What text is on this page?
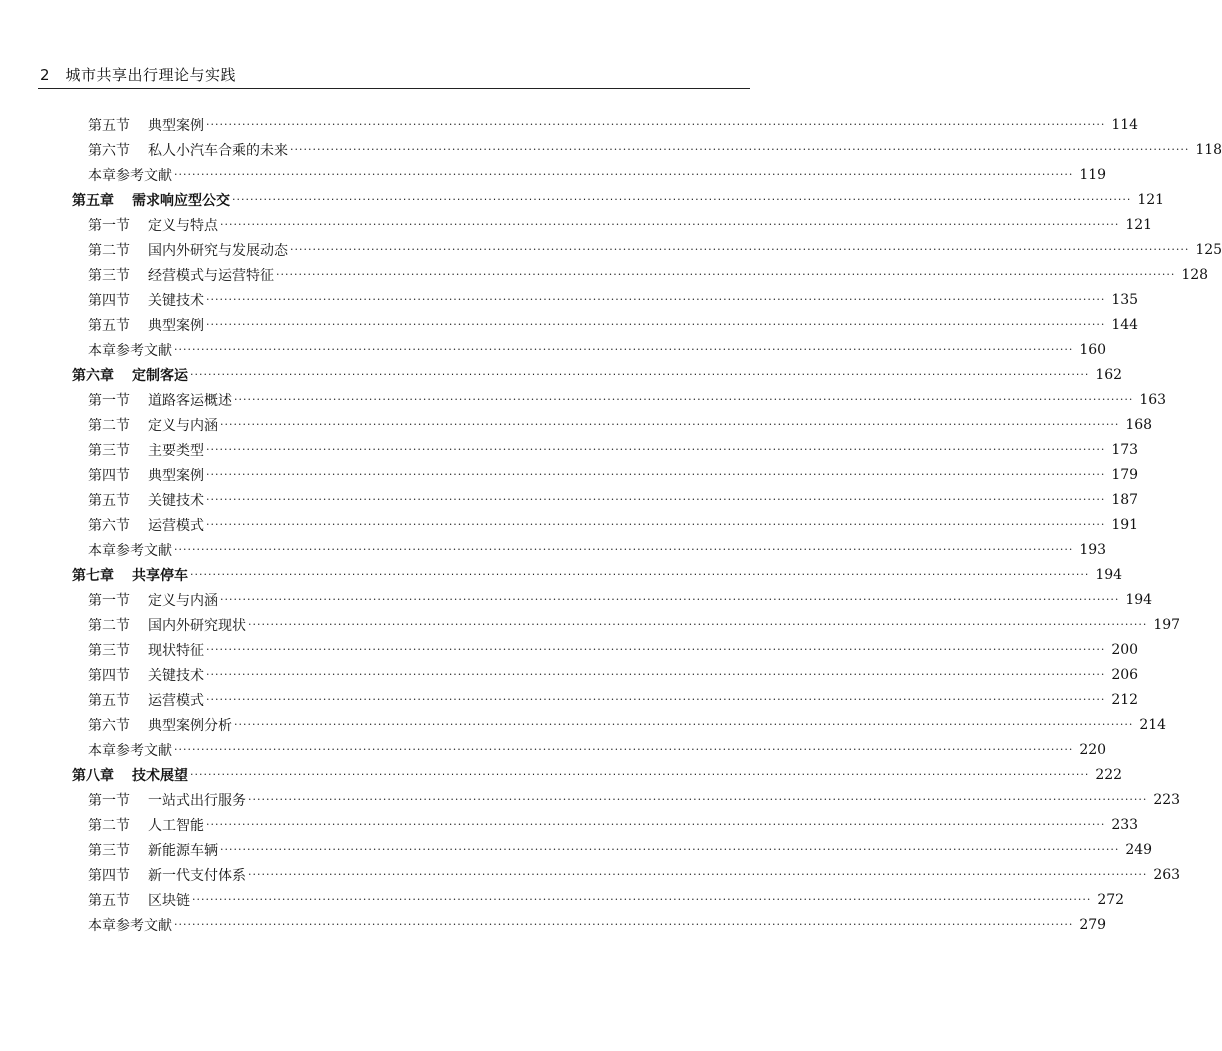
2 城市共享出行理论与实践
第五节 典型案例 ········································································································································································································ 114
第六节 私人小汽车合乘的未来 ········································································································································································································ 118
本章参考文献 ········································································································································································································ 119
第五章 需求响应型公交 ········································································································································································································ 121
第一节 定义与特点 ········································································································································································································ 121
第二节 国内外研究与发展动态 ········································································································································································································ 125
第三节 经营模式与运营特征 ········································································································································································································ 128
第四节 关键技术 ········································································································································································································ 135
第五节 典型案例 ········································································································································································································ 144
本章参考文献 ········································································································································································································ 160
第六章 定制客运 ········································································································································································································ 162
第一节 道路客运概述 ········································································································································································································ 163
第二节 定义与内涵 ········································································································································································································ 168
第三节 主要类型 ········································································································································································································ 173
第四节 典型案例 ········································································································································································································ 179
第五节 关键技术 ········································································································································································································ 187
第六节 运营模式 ········································································································································································································ 191
本章参考文献 ········································································································································································································ 193
第七章 共享停车 ········································································································································································································ 194
第一节 定义与内涵 ········································································································································································································ 194
第二节 国内外研究现状 ········································································································································································································ 197
第三节 现状特征 ········································································································································································································ 200
第四节 关键技术 ········································································································································································································ 206
第五节 运营模式 ········································································································································································································ 212
第六节 典型案例分析 ········································································································································································································ 214
本章参考文献 ········································································································································································································ 220
第八章 技术展望 ········································································································································································································ 222
第一节 一站式出行服务 ········································································································································································································ 223
第二节 人工智能 ········································································································································································································ 233
第三节 新能源车辆 ········································································································································································································ 249
第四节 新一代支付体系 ········································································································································································································ 263
第五节 区块链 ········································································································································································································ 272
本章参考文献 ········································································································································································································ 279
